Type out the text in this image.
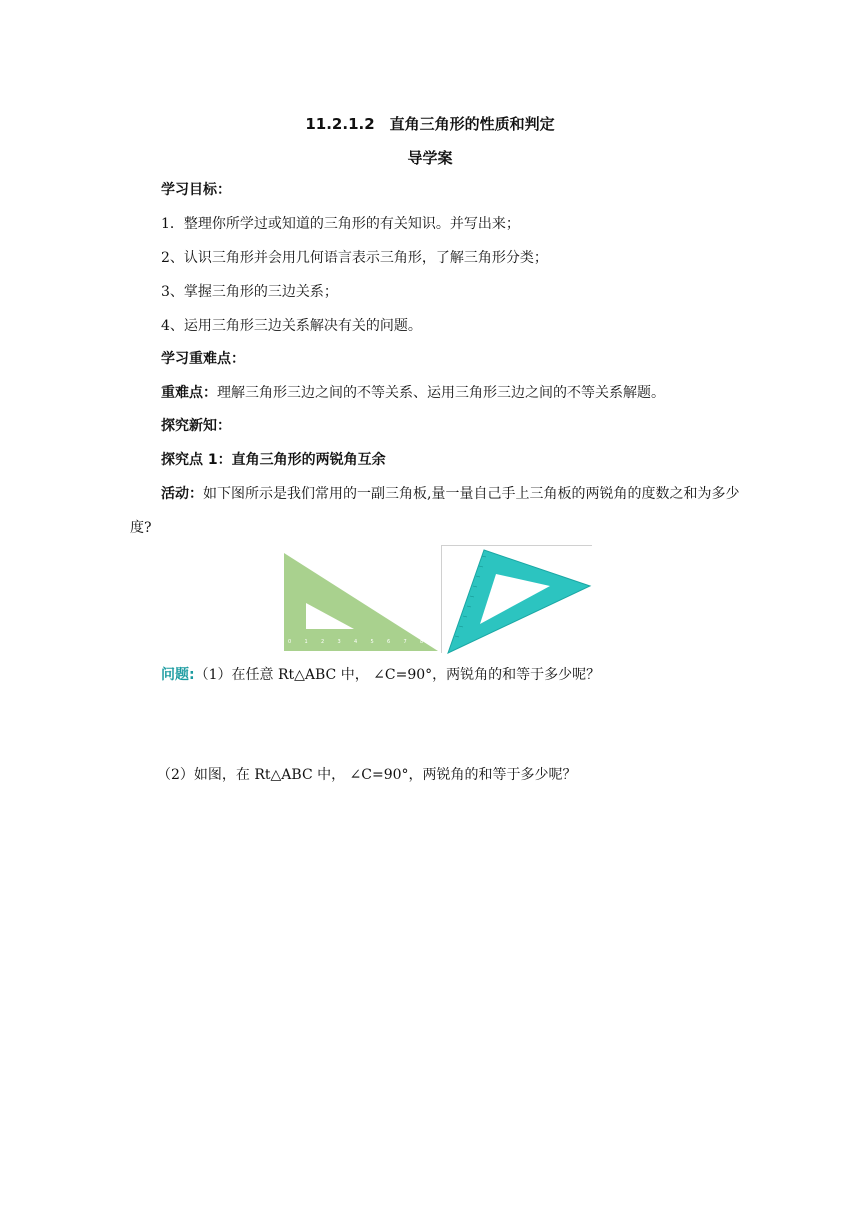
11.2.1.2　直角三角形的性质和判定
导学案
学习目标：
1．整理你所学过或知道的三角形的有关知识。并写出来；
2、认识三角形并会用几何语言表示三角形，了解三角形分类；
3、掌握三角形的三边关系；
4、运用三角形三边关系解决有关的问题。
学习重难点：
重难点：理解三角形三边之间的不等关系、运用三角形三边之间的不等关系解题。
探究新知：
探究点 1：直角三角形的两锐角互余
活动：如下图所示是我们常用的一副三角板,量一量自己手上三角板的两锐角的度数之和为多少度?
0	1	2	3	4	5	6	7	8
问题:（1）在任意 Rt△ABC 中， ∠C=90°，两锐角的和等于多少呢？
（2）如图，在 Rt△ABC 中， ∠C=90°，两锐角的和等于多少呢？
